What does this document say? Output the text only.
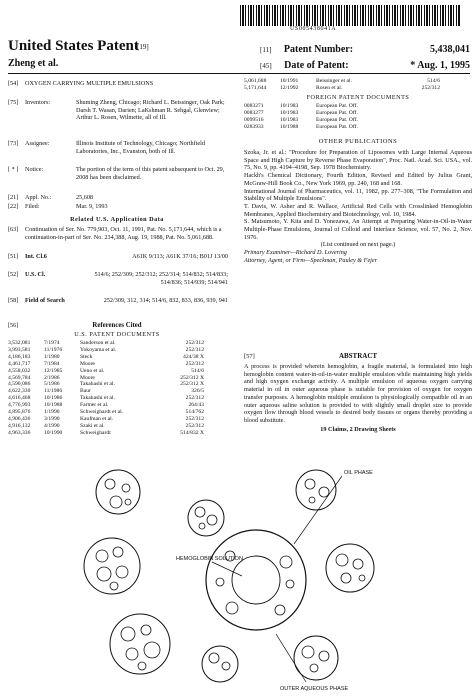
US005438041A
United States Patent
[19]
Zheng et al.
[11] Patent Number:	5,438,041
[45] Date of Patent:	* Aug. 1, 1995
[54] OXYGEN CARRYING MULTIPLE EMULSIONS
[75] Inventors:	Shuming Zheng, Chicago; Richard L. Beissinger, Oak Park; Darsh T. Wasan, Darien; LaKshman R. Sehgal, Glenview; Arthur L. Rosen, Wilmette, all of Ill.
[73] Assignee:	Illinois Institute of Technology, Chicago; Northfield Laboratories, Inc., Evanston, both of Ill.
[ * ] Notice:	The portion of the term of this patent subsequent to Oct. 29, 2008 has been disclaimed.
[21] Appl. No.:	25,608
[22] Filed:	Mar. 9, 1993
Related U.S. Application Data
[63] Continuation of Ser. No. 779,903, Oct. 11, 1991, Pat. No. 5,171,644, which is a continuation-in-part of Ser. No. 234,388, Aug. 19, 1988, Pat. No. 5,061,688.
[51] Int. Cl.6	A61K 9/113; A61K 37/16; B01J 13/00
[52] U.S. Cl.	514/6; 252/309; 252/312; 252/314; 514/832; 514/833; 514/836; 514/939; 514/941
[58] Field of Search	252/309, 312, 314; 514/6, 832, 833, 836, 939, 941
[56]	References Cited
U.S. PATENT DOCUMENTS
3,532,081	7/1974	Sanderson et al.	252/312
3,993,581	11/1976	Yokoyama et al.	252/312
4,186,183	1/1980	Steck	424/38 X
4,461,717	7/1984	Moore	252/312
4,558,032	12/1985	Ueno et al.	514/6
4,569,784	2/1986	Moore	252/312 X
4,590,086	5/1986	Takahashi et al.	252/312 X
4,622,330	11/1986	Baur	326/5
4,616,468	10/1986	Takahashi et al.	252/312
4,776,993	10/1988	Farmer et al.	264/43
4,895,876	1/1990	Schweighardt et al.	514/762
4,906,436	3/1990	Kaufman et al.	252/312
4,916,132	4/1990	Szaki et al.	252/312
4,963,336	10/1990	Schweighardt	514/832 X
5,061,688	10/1991	Beissinger et al.	514/6
5,171,644	12/1992	Rosen et al.	252/312
FOREIGN PATENT DOCUMENTS
0083271	10/1983	European Pat. Off.	
0083277	10/1983	European Pat. Off.	
0099516	10/1983	European Pat. Off.	
0283933	10/1988	European Pat. Off.	
OTHER PUBLICATIONS

Szoka, Jr. et al.: "Procedure for Preparation of Liposomes with Large Internal Aqueous Space and High Capture by Reverse Phase Evaporation", Proc. Natl. Acad. Sci. USA., vol. 75, No. 9, pp. 4194–4198, Sep. 1978 Biochemistry.

Hackh's Chemical Dictionary, Fourth Edition, Revised and Edited by Julius Grant, McGraw-Hill Book Co., New York 1969, pp. 240, 168 and 168.

International Journal of Pharmaceutics, vol. 11, 1982, pp. 277–308, "The Formulation and Stability of Multiple Emulsions".

T. Davis, W. Asher and R. Wallace, Artificial Red Cells with Crosslinked Hemoglobin Membranes, Applied Biochemistry and Biotechnology, vol. 10, 1984.

S. Matsumoto, Y. Kita and D. Yonezawa, An Attempt at Preparing Water-in-Oil-in-Water Multiple-Phase Emulsions, Journal of Colloid and Interface Science, vol. 57, No. 2, Nov. 1976.

(List continued on next page.)

Primary Examiner—Richard D. Lovering

Attorney, Agent, or Firm—Speckman, Pauley & Fejer

[57]	ABSTRACT

A process is provided wherein hemoglobin, a fragile material, is formulated into high hemoglobin content water-in-oil-in-water multiple emulsion while maintaining high yields and high oxygen exchange activity. A multiple emulsion of aqueous oxygen carrying material in oil in outer aqueous phase is suitable for provision of oxygen for oxygen transfer purposes. A hemoglobin multiple emulsion is physiologically compatible oil in an outer aqueous saline solution is provided to with slightly small droplet size to provide oxygen flow through blood vessels to desired body tissues or organs thereby providing a blood substitute.

19 Claims, 2 Drawing Sheets

OIL PHASE
HEMOGLOBIN SOLUTION
OUTER AQUEOUS PHASE
